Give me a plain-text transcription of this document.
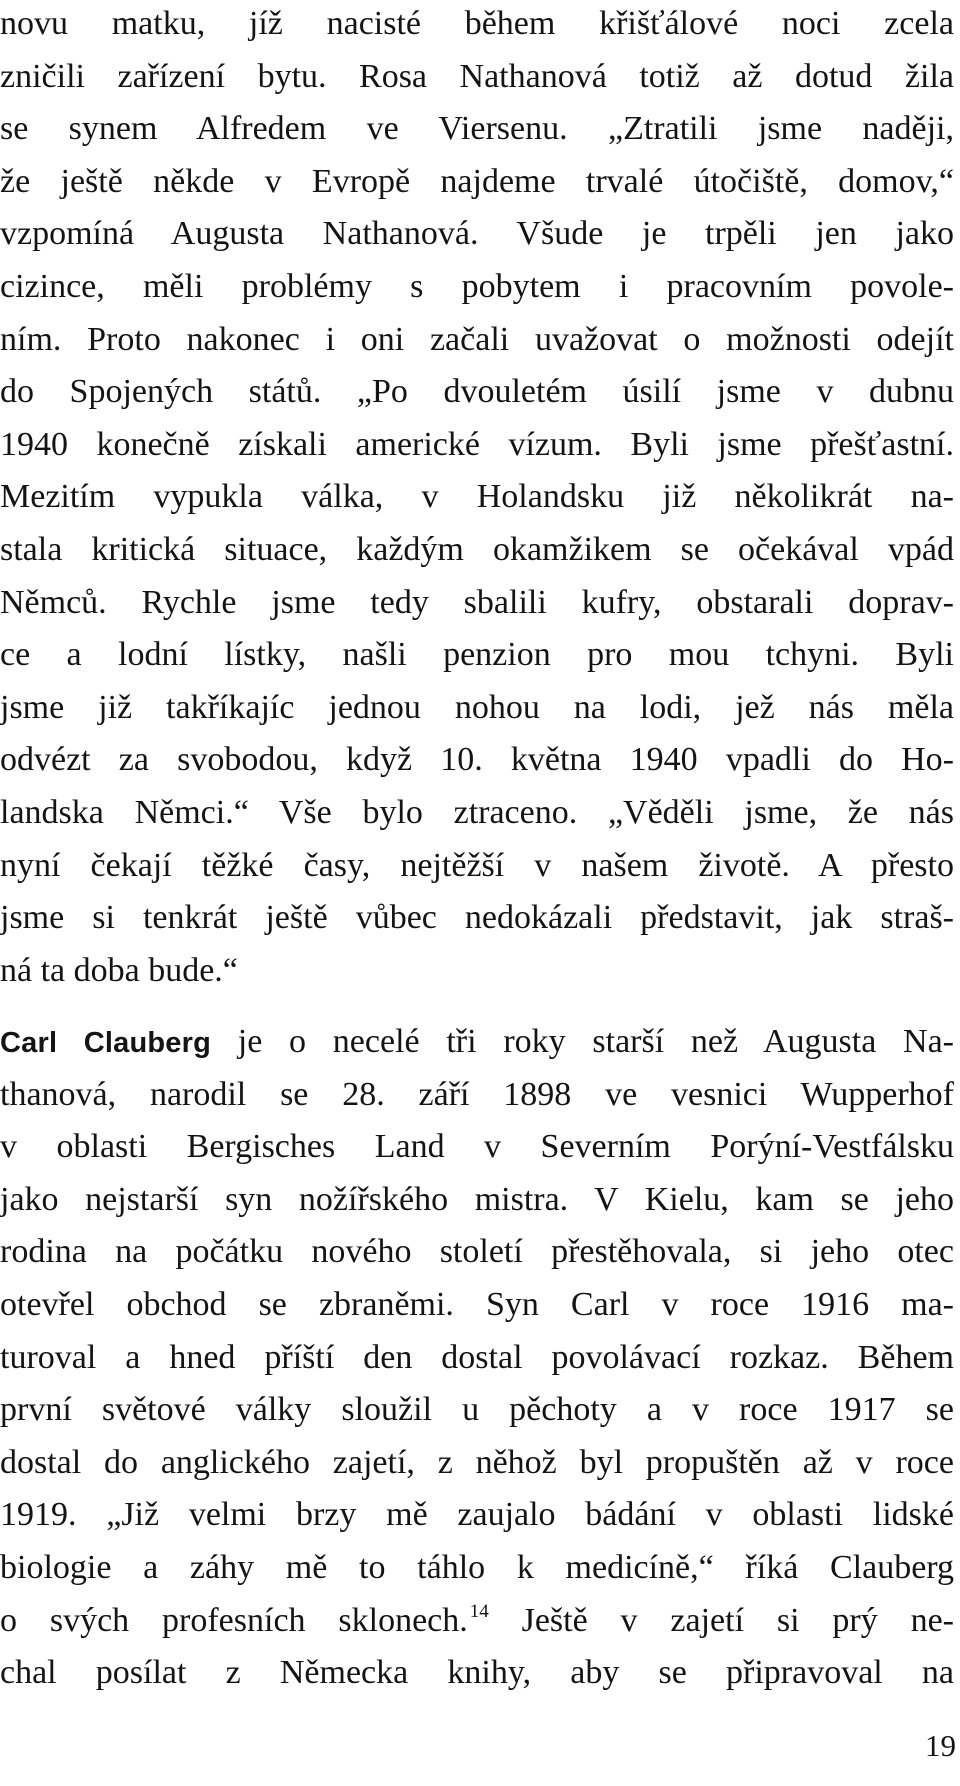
novu matku, jíž nacisté během křišťálové noci zcela
zničili zařízení bytu. Rosa Nathanová totiž až dotud žila
se synem Alfredem ve Viersenu. „Ztratili jsme naději,
že ještě někde v Evropě najdeme trvalé útočiště, domov,“
vzpomíná Augusta Nathanová. Všude je trpěli jen jako
cizince, měli problémy s pobytem i pracovním povole-
ním. Proto nakonec i oni začali uvažovat o možnosti odejít
do Spojených států. „Po dvouletém úsilí jsme v dubnu
1940 konečně získali americké vízum. Byli jsme přešťastní.
Mezitím vypukla válka, v Holandsku již několikrát na-
stala kritická situace, každým okamžikem se očekával vpád
Němců. Rychle jsme tedy sbalili kufry, obstarali doprav-
ce a lodní lístky, našli penzion pro mou tchyni. Byli
jsme již takříkajíc jednou nohou na lodi, jež nás měla
odvézt za svobodou, když 10. května 1940 vpadli do Ho-
landska Němci.“ Vše bylo ztraceno. „Věděli jsme, že nás
nyní čekají těžké časy, nejtěžší v našem životě. A přesto
jsme si tenkrát ještě vůbec nedokázali představit, jak straš-
ná ta doba bude.“
Carl Clauberg je o necelé tři roky starší než Augusta Na-
thanová, narodil se 28. září 1898 ve vesnici Wupperhof
v oblasti Bergisches Land v Severním Porýní-Vestfálsku
jako nejstarší syn nožířského mistra. V Kielu, kam se jeho
rodina na počátku nového století přestěhovala, si jeho otec
otevřel obchod se zbraněmi. Syn Carl v roce 1916 ma-
turoval a hned příští den dostal povolávací rozkaz. Během
první světové války sloužil u pěchoty a v roce 1917 se
dostal do anglického zajetí, z něhož byl propuštěn až v roce
1919. „Již velmi brzy mě zaujalo bádání v oblasti lidské
biologie a záhy mě to táhlo k medicíně,“ říká Clauberg
o svých profesních sklonech. $^{14}$ Ještě v zajetí si prý ne-
chal posílat z Německa knihy, aby se připravoval na
19
